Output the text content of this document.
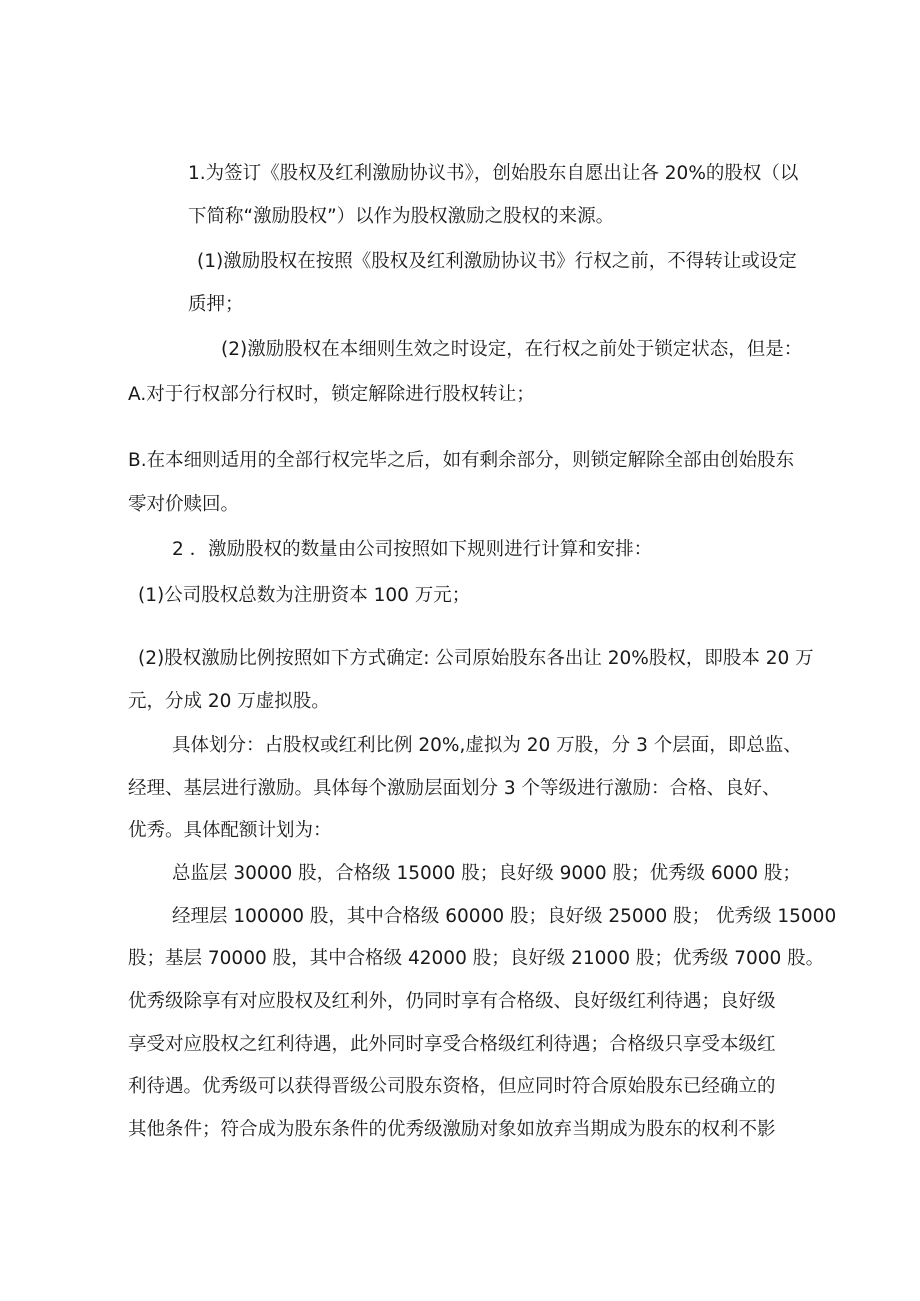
1.为签订《股权及红利激励协议书》，创始股东自愿出让各 20%的股权（以

下简称“激励股权”）以作为股权激励之股权的来源。

(1)激励股权在按照《股权及红利激励协议书》行权之前，不得转让或设定

质押；

(2)激励股权在本细则生效之时设定，在行权之前处于锁定状态，但是：

A.对于行权部分行权时，锁定解除进行股权转让；

B.在本细则适用的全部行权完毕之后，如有剩余部分，则锁定解除全部由创始股东

零对价赎回。

2 ．激励股权的数量由公司按照如下规则进行计算和安排：

(1)公司股权总数为注册资本 100 万元；

(2)股权激励比例按照如下方式确定: 公司原始股东各出让 20%股权，即股本 20 万

元，分成 20 万虚拟股。

具体划分：占股权或红利比例 20%,虚拟为 20 万股，分 3 个层面，即总监、

经理、基层进行激励。具体每个激励层面划分 3 个等级进行激励：合格、良好、

优秀。具体配额计划为：

总监层 30000 股，合格级 15000 股；良好级 9000 股；优秀级 6000 股；

经理层 100000 股，其中合格级 60000 股；良好级 25000 股； 优秀级 15000

股；基层 70000 股，其中合格级 42000 股；良好级 21000 股；优秀级 7000 股。

优秀级除享有对应股权及红利外，仍同时享有合格级、良好级红利待遇；良好级

享受对应股权之红利待遇，此外同时享受合格级红利待遇；合格级只享受本级红

利待遇。优秀级可以获得晋级公司股东资格，但应同时符合原始股东已经确立的

其他条件；符合成为股东条件的优秀级激励对象如放弃当期成为股东的权利不影
